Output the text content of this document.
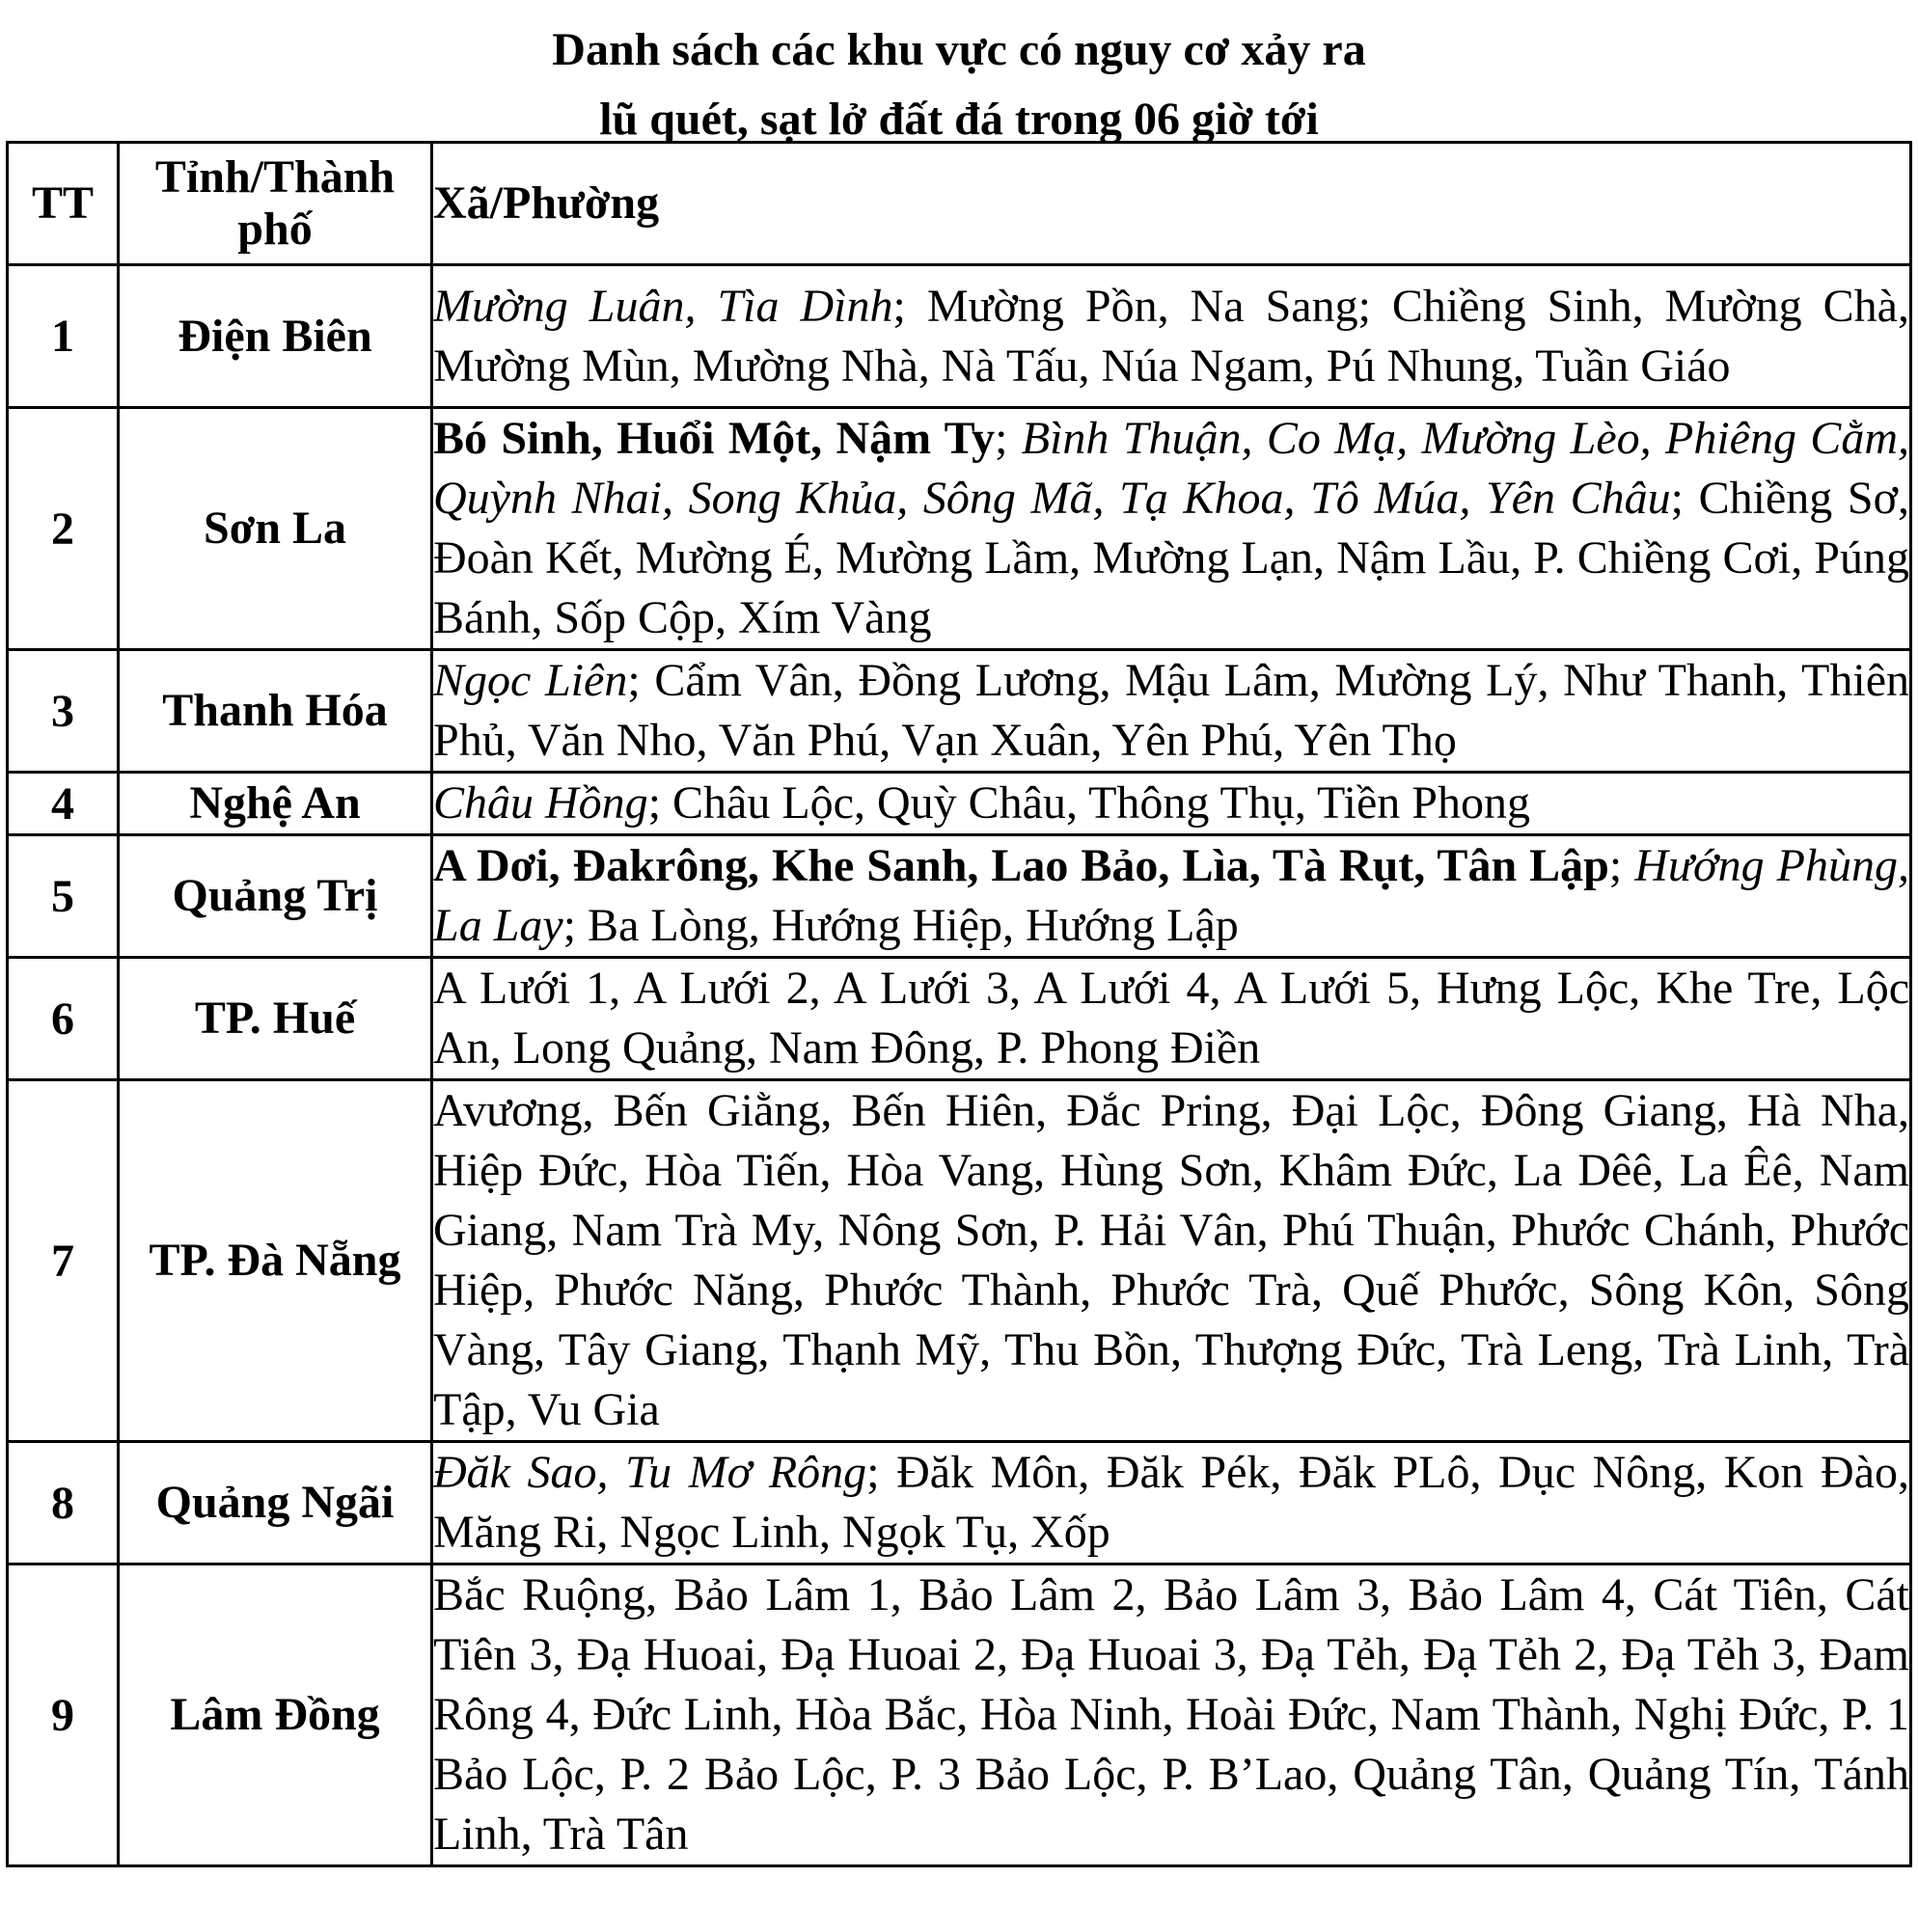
Danh sách các khu vực có nguy cơ xảy ra
lũ quét, sạt lở đất đá trong 06 giờ tới
TT	Tỉnh/Thành phố	Xã/Phường
1	Điện Biên	Mường Luân, Tìa Dình; Mường Pồn, Na Sang; Chiềng Sinh, Mường Chà, Mường Mùn, Mường Nhà, Nà Tấu, Núa Ngam, Pú Nhung, Tuần Giáo
2	Sơn La	Bó Sinh, Huổi Một, Nậm Ty; Bình Thuận, Co Mạ, Mường Lèo, Phiêng Cằm, Quỳnh Nhai, Song Khủa, Sông Mã, Tạ Khoa, Tô Múa, Yên Châu; Chiềng Sơ, Đoàn Kết, Mường É, Mường Lầm, Mường Lạn, Nậm Lầu, P. Chiềng Cơi, Púng Bánh, Sốp Cộp, Xím Vàng
3	Thanh Hóa	Ngọc Liên; Cẩm Vân, Đồng Lương, Mậu Lâm, Mường Lý, Như Thanh, Thiên Phủ, Văn Nho, Văn Phú, Vạn Xuân, Yên Phú, Yên Thọ
4	Nghệ An	Châu Hồng; Châu Lộc, Quỳ Châu, Thông Thụ, Tiền Phong
5	Quảng Trị	A Dơi, Đakrông, Khe Sanh, Lao Bảo, Lìa, Tà Rụt, Tân Lập; Hướng Phùng, La Lay; Ba Lòng, Hướng Hiệp, Hướng Lập
6	TP. Huế	A Lưới 1, A Lưới 2, A Lưới 3, A Lưới 4, A Lưới 5, Hưng Lộc, Khe Tre, Lộc An, Long Quảng, Nam Đông, P. Phong Điền
7	TP. Đà Nẵng	Avương, Bến Giằng, Bến Hiên, Đắc Pring, Đại Lộc, Đông Giang, Hà Nha, Hiệp Đức, Hòa Tiến, Hòa Vang, Hùng Sơn, Khâm Đức, La Dêê, La Êê, Nam Giang, Nam Trà My, Nông Sơn, P. Hải Vân, Phú Thuận, Phước Chánh, Phước Hiệp, Phước Năng, Phước Thành, Phước Trà, Quế Phước, Sông Kôn, Sông Vàng, Tây Giang, Thạnh Mỹ, Thu Bồn, Thượng Đức, Trà Leng, Trà Linh, Trà Tập, Vu Gia
8	Quảng Ngãi	Đăk Sao, Tu Mơ Rông; Đăk Môn, Đăk Pék, Đăk PLô, Dục Nông, Kon Đào, Măng Ri, Ngọc Linh, Ngọk Tụ, Xốp
9	Lâm Đồng	Bắc Ruộng, Bảo Lâm 1, Bảo Lâm 2, Bảo Lâm 3, Bảo Lâm 4, Cát Tiên, Cát Tiên 3, Đạ Huoai, Đạ Huoai 2, Đạ Huoai 3, Đạ Tẻh, Đạ Tẻh 2, Đạ Tẻh 3, Đam Rông 4, Đức Linh, Hòa Bắc, Hòa Ninh, Hoài Đức, Nam Thành, Nghị Đức, P. 1 Bảo Lộc, P. 2 Bảo Lộc, P. 3 Bảo Lộc, P. B’Lao, Quảng Tân, Quảng Tín, Tánh Linh, Trà Tân
